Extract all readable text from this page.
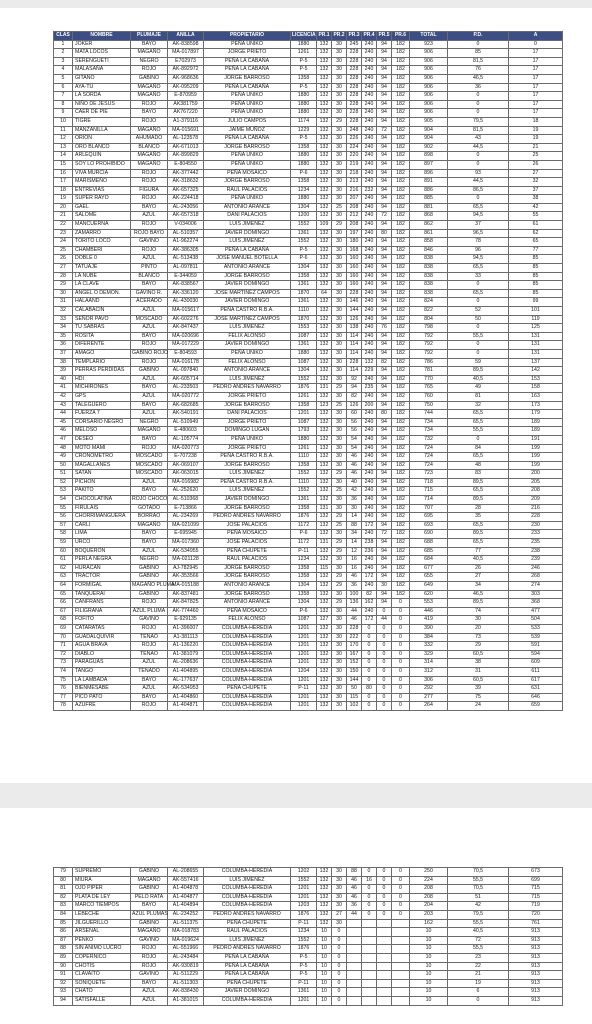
CLAS	NOMBRE	PLUMAJE	ANILLA	PROPIETARIO	LICENCIA	PR.1	PR.2	PR.3	PR.4	PR.5	PR.6	TOTAL	P.D.	A
1	JOKER	BAYO	AK-838598	PEÑA UNIKO	1880	132	30	245	240	94	182	923	0	0
2	MATA LOCOS	MAGAÑO	MA-017897	JORGE PRIETO	1261	132	30	228	240	94	182	906	85	17
3	SERENGUETI	NEGRO	E702973	PEÑA LA CABAÑA	P-5	132	30	228	240	94	182	906	81,5	17
4	MALASAÑA	ROJO	AK-892972	PEÑA LA CABAÑA	P-5	132	30	228	240	94	182	906	76	17
5	GITANO	GABINO	AK-968636	JORGE BARROSO	1358	132	30	228	240	94	182	906	46,5	17
6	AYA-TU	MAGAÑO	AK-095209	PEÑA LA CABAÑA	P-5	132	30	228	240	94	182	906	36	17
7	LA SORDA	MAGAÑO	E-870959	PEÑA UNIKO	1880	132	30	228	240	94	182	906	0	17
8	NIÑO DE JESUS	ROJO	AK381759	PEÑA UNIKO	1880	132	30	228	240	94	182	906	0	17
9	CAER DE PIE	BAYO	AK767220	PEÑA UNIKO	1880	132	30	228	240	94	182	906	0	17
10	TIGRE	ROJO	A1-379116	JULIO CAMPOS	1174	132	29	228	240	94	182	905	79,5	18
11	MANZANILLA	MAGAÑO	MA-015691	JAIME MUÑOZ	1229	132	30	248	240	72	182	904	81,5	19
12	ORION	AHUMADO	AL-123578	PEÑA LA CABAÑA	P-5	132	30	226	240	94	182	904	43	19
13	ORO BLANCO	BLANCO	AK-671013	JORGE BARROSO	1358	132	30	224	240	94	182	902	44,5	21
14	ARLEQUIN	MAGAÑO	AK-899829	PEÑA UNIKO	1880	132	30	220	240	94	182	898	0	25
15	SOY LO PROHIBIDO	MAGAÑO	E-804550	PEÑA UNIKO	1880	132	30	219	240	94	182	897	0	26
16	VIVA MURCIA	ROJO	AK-377442	PEÑA MOSAICO	P-6	132	30	218	240	94	182	896	93	27
17	MARISMEÑO	ROJO	AK-318632	JORGE BARROSO	1358	132	30	213	240	94	182	891	44,5	32
18	ENTREVIAS	FIGURA	AK-657325	RAUL PALACIOS	1234	132	30	216	232	94	182	886	86,5	37
19	SUPER RAYO	ROJO	AK-224418	PEÑA UNIKO	1880	132	30	207	240	94	182	885	0	38
20	GAEL	BAYO	AL-243056	ANTONIO ARANCE	1304	132	25	208	240	94	182	881	65,5	42
21	SALOME	AZUL	AK-657318	DANI PALACIOS	1200	132	30	212	240	72	182	868	94,5	55
22	MANCUERNA	ROJO	V-034006	LUIS JIMENEZ	1552	109	29	208	240	94	182	862	37	61
23	ZAMARRO	ROJO BAYO	AL-510357	JAVIER DOMINGO	1361	132	30	197	240	80	182	861	96,5	62
24	TORITO LOCO	GAVINO	A1-962274	LUIS JIMENEZ	1552	132	30	180	240	94	182	858	78	65
25	CHAMBERI	ROJO	AK-386305	PEÑA LA CABAÑA	P-5	132	30	168	240	94	182	846	96	77
26	DOBLE 0	AZUL	AL-513438	JOSE MANUEL BOTELLA	P-6	132	30	160	240	94	182	838	94,5	85
27	TATUAJE	PINTO	AL-097811	ANTONIO ARANCE	1304	132	30	160	240	94	182	838	65,5	85
28	LA NUBE	BLANCO	E-344059	JORGE BARROSO	1358	132	30	160	240	94	182	838	33	85
29	LA CLAVE	BAYO	AK-838567	JAVIER DOMINGO	1361	132	30	160	240	94	182	838	0	85
30	ANGEL O DEMON.	GAVINO R.	AK-336120	JOSE MARTINEZ CAMPOS	1870	64	30	228	240	94	182	838	65,5	85
31	HALAAND	ACERADO	AL-430030	JAVIER DOMINGO	1361	132	30	146	240	94	182	824	0	99
32	CALABACIN	AZUL	MA-015617	PEÑA CASTRO R.B.A.	1110	132	30	144	240	94	182	822	52	101
33	SEÑOR PAVO	MOSCADO	AK-602276	JOSE MARTINEZ CAMPOS	1870	132	30	126	240	94	182	804	50	119
34	TU SABRAS	AZUL	AK-847437	LUIS JIMENEZ	1553	132	30	138	240	76	182	798	0	125
35	ROSITA	BAYO	MA-020696	FELIX ALONSO	1087	132	30	114	240	94	182	792	55,5	131
36	DIFERENTE	ROJO	MA-017229	JAVIER DOMINGO	1361	132	30	114	240	94	182	792	0	131
37	AMAGO	GABINO ROJO	E-804593	PEÑA UNIKO	1880	132	30	114	240	94	182	792	0	131
38	TEMPLARIO	ROJO	MA-016178	FELIX ALONSO	1087	132	30	228	132	82	182	786	59	137
39	PERRAS PERDIDAS	GABINO	AL-097840	ANTONIO ARANCE	1304	132	30	114	229	94	182	781	89,5	142
40	HDI	AZUL	AK-605714	LUIS JIMENEZ	1552	132	30	92	240	94	182	770	40,5	153
41	MICHIRONES	BAYO	AL-233503	PEDRO ANDRES NAVARRO	1876	131	29	94	235	94	182	765	49	158
42	GPS	AZUL	MA-020772	JORGE PRIETO	1261	132	30	82	240	94	182	760	81	163
43	TALEGUERO	BAYO	AK-682685	JORGE BARROSO	1358	123	25	126	200	94	182	750	32	173
44	FUERZA 7	AZUL	AK-540191	DANI PALACIOS	1201	132	30	60	240	80	182	744	65,5	179
45	CORSARIO NEGRO	NEGRO	AL-510949	JORGE PRIETO	1087	132	30	56	240	94	182	734	65,5	189
46	MELOSO	MAGAÑO	E-480603	DOMINGO LUGAN	1793	132	30	56	240	94	182	734	55,5	189
47	DESEO	BAYO	AL-105774	PEÑA UNIKO	1880	132	30	54	240	94	182	732	0	191
48	MOTO MAMI	ROJO	MA-020773	JORGE PRIETO	1261	132	30	54	240	94	182	724	84	199
49	CRONOMETRO	MOSCADO	E-707238	PEÑA CASTRO R.B.A.	1110	132	30	46	240	94	182	724	65,5	199
50	MAGALLANES	MOSCADO	AK-069107	JORGE BARROSO	1358	132	30	46	240	94	182	724	48	199
51	SATAN	MOSCADO	AK-063015	LUIS JIMENEZ	1552	132	29	46	240	94	182	723	83	200
52	PICHON	AZUL	MA-016982	PEÑA CASTRO R.B.A.	1110	132	30	40	240	94	182	718	89,5	205
53	PAKITO	BAYO	AL-252620	LUIS JIMENEZ	1552	132	25	42	240	94	182	715	65,5	208
54	CHOCOLATINA	ROJO CHOCO	AL-510368	JAVIER DOMINGO	1361	132	30	36	240	94	182	714	89,5	209
55	FIRULAIS	GOTADO	E-713866	JORGE BARROSO	1358	131	30	30	240	94	182	707	28	216
56	CHORRIMANGUERA	BORRAO	AL-234269	PEDRO ANDRES NAVARRO	1876	132	29	14	240	94	182	695	35	228
57	CARLI	MAGAÑO	MA-021099	JOSE PALACIOS	1172	132	25	88	172	94	182	693	65,5	230
58	LIMA	BAYO	E-695945	PEÑA MOSAICO	P-6	132	30	34	240	72	182	690	89,5	233
59	URCO	BAYO	MA-017360	JOSE PALACIOS	1172	131	29	14	238	94	182	688	65,5	235
60	BOQUERON	AZUL	AK-534955	PEÑA CHUPETE	P-11	132	29	12	236	94	182	685	77	238
61	PERLA NEGRA	NEGRO	MA-021128	RAUL PALACIOS	1234	132	30	16	240	84	182	684	40,5	239
62	HURACAN	GABINO	AJ-782945	JORGE BARROSO	1358	115	30	16	240	94	182	677	26	246
63	TRACTOR	GABINO	AK-353566	JORGE BARROSO	1358	132	29	46	172	94	182	655	27	268
64	FORMIGAL	MAGAÑO PLUMA	MA-015188	ANTONIO ARANCE	1304	132	29	36	240	30	182	649	34	274
65	TANQUERAI	GABINO	AK-837481	JORGE BARROSO	1358	132	30	100	82	94	182	620	46,5	303
66	CANFRANS	ROJO	AK-847825	ANTONIO ARANCE	1304	132	29	136	162	94	0	553	89,5	368
67	FILIGRANA	AZUL PLUMA	AK-774460	PEÑA MOSAICO	P-6	132	30	44	240	0	0	446	74	477
68	FOFITO	GAVINO	E-929135	FELIX ALONSO	1087	127	30	46	172	44	0	419	30	504
69	CATARATAS	ROJO	A1-396007	COLUMBA-HEREDIA	1201	132	30	228	0	0	0	390	20	533
70	GUADALQUIVIR	TENAO	A1-381113	COLUMBA-HEREDIA	1201	132	30	222	0	0	0	384	73	539
71	AGUA BRAVA	ROJO	A1-136220	COLUMBA-HEREDIA	1201	132	30	170	0	0	0	332	29	591
72	DIABLO	TENAO	A1-381079	COLUMBA-HEREDIA	1201	132	30	167	0	0	0	329	60,5	594
73	PARAGUAS	AZUL	AL-208636	COLUMBA-HEREDIA	1201	132	30	152	0	0	0	314	38	609
74	TANGO	TENADO	A1-404895	COLUMBA-HEREDIA	1204	132	30	150	0	0	0	312	31	611
75	LA LAMBADA	BAYO	AL-177637	COLUMBA-HEREDIA	1201	132	30	144	0	0	0	306	60,5	617
76	BIENMESABE	AZUL	AK-534953	PEÑA CHUPETE	P-11	132	30	50	80	0	0	292	39	631
77	PICO PATO	BAYO	A1-404860	COLUMBA-HEREDIA	1201	132	30	115	0	0	0	277	75	646
78	AZUFRE	ROJO	A1-404871	COLUMBA-HEREDIA	1201	132	30	102	0	0	0	264	24	659
79	SUPREMO	GABINO	AL-208655	COLUMBA-HEREDIA	1202	132	30	88	0	0	0	250	70,5	673
80	MIURA	MAGAÑO	AK-557416	LUIS JIMENEZ	1552	132	30	46	16	0	0	224	55,5	699
81	OJO PIPER	GABINO	A1-404878	COLUMBA-HEREDIA	1201	132	30	46	0	0	0	208	70,5	715
82	PLATA DE LEY	PELO RATA	A1-404877	COLUMBA-HEREDIA	1201	132	30	46	0	0	0	208	51	715
83	MARCO TIEMPOS	BAYO	A1-404894	COLUMBA-HEREDIA	1203	132	30	36	0	0	0	204	42	719
84	LEBECHE	AZUL PLUMAS	AL-234252	PEDRO ANDRES NAVARRO	1876	132	27	44	0	0	0	203	79,5	720
85	JILGUERILLO	GABINO	AL-511375	PEÑA CHUPETE	P-11	132	30					162	55,5	761
86	ARSENAL	MAGAÑO	MA-018783	RAUL PALACIOS	1234	10	0					10	40,5	913
87	PENKO	GAVINO	MA-019624	LUIS JIMENEZ	1552	10	0					10	72	913
88	SIN ANIMO LUCRO	ROJO	AL-551966	PEDRO ANDRES NAVARRO	1876	10	0					10	55,5	913
89	COPERNICO	ROJO	AL-243484	PEÑA LA CABAÑA	P-5	10	0					10	23	913
90	CHOTIS	ROJO	AK-930819	PEÑA LA CABAÑA	P-5	10	0					10	22	913
91	CLAVAITO	GAVINO	AL-511229	PEÑA LA CABAÑA	P-5	10	0					10	21	913
92	SONIQUETE	BAYO	AL-511303	PEÑA CHUPETE	P-11	10	0					10	19	913
93	CHATO	AZUL	AK-838430	JAVIER DOMINGO	1361	10	0					10	6	913
94	SATISFALLE	AZUL	A1-381015	COLUMBA-HEREDIA	1201	10	0					10	0	913
